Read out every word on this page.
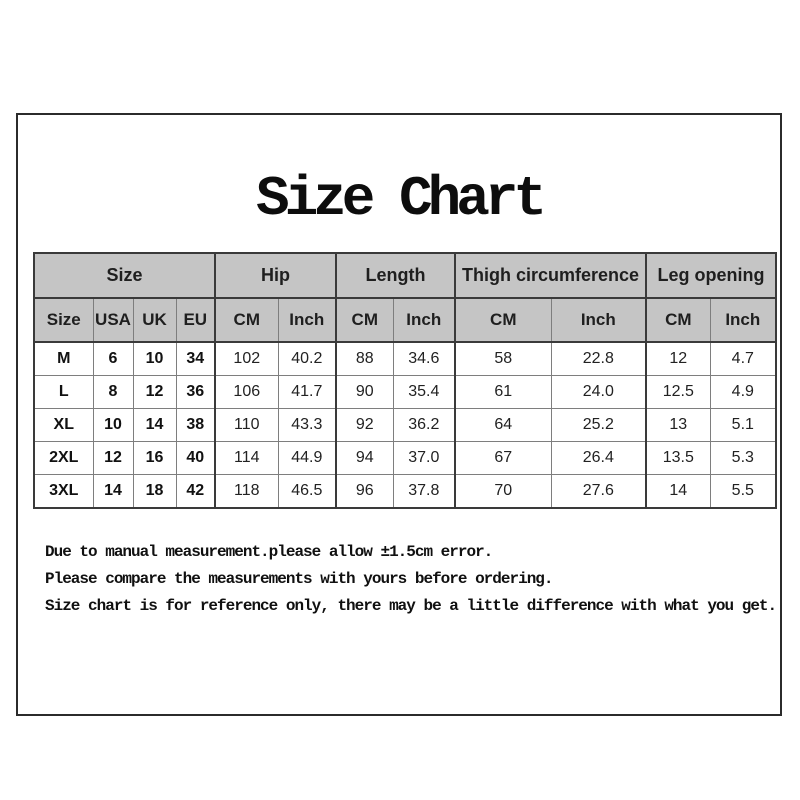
Size Chart
Size				Hip		Length		Thigh circumference		Leg opening	
Size	USA	UK	EU	CM	Inch	CM	Inch	CM	Inch	CM	Inch
M	6	10	34	102	40.2	88	34.6	58	22.8	12	4.7
L	8	12	36	106	41.7	90	35.4	61	24.0	12.5	4.9
XL	10	14	38	110	43.3	92	36.2	64	25.2	13	5.1
2XL	12	16	40	114	44.9	94	37.0	67	26.4	13.5	5.3
3XL	14	18	42	118	46.5	96	37.8	70	27.6	14	5.5
Due to manual measurement.please allow ±1.5cm error.
Please compare the measurements with yours before ordering.
Size chart is for reference only, there may be a little difference with what you get.
